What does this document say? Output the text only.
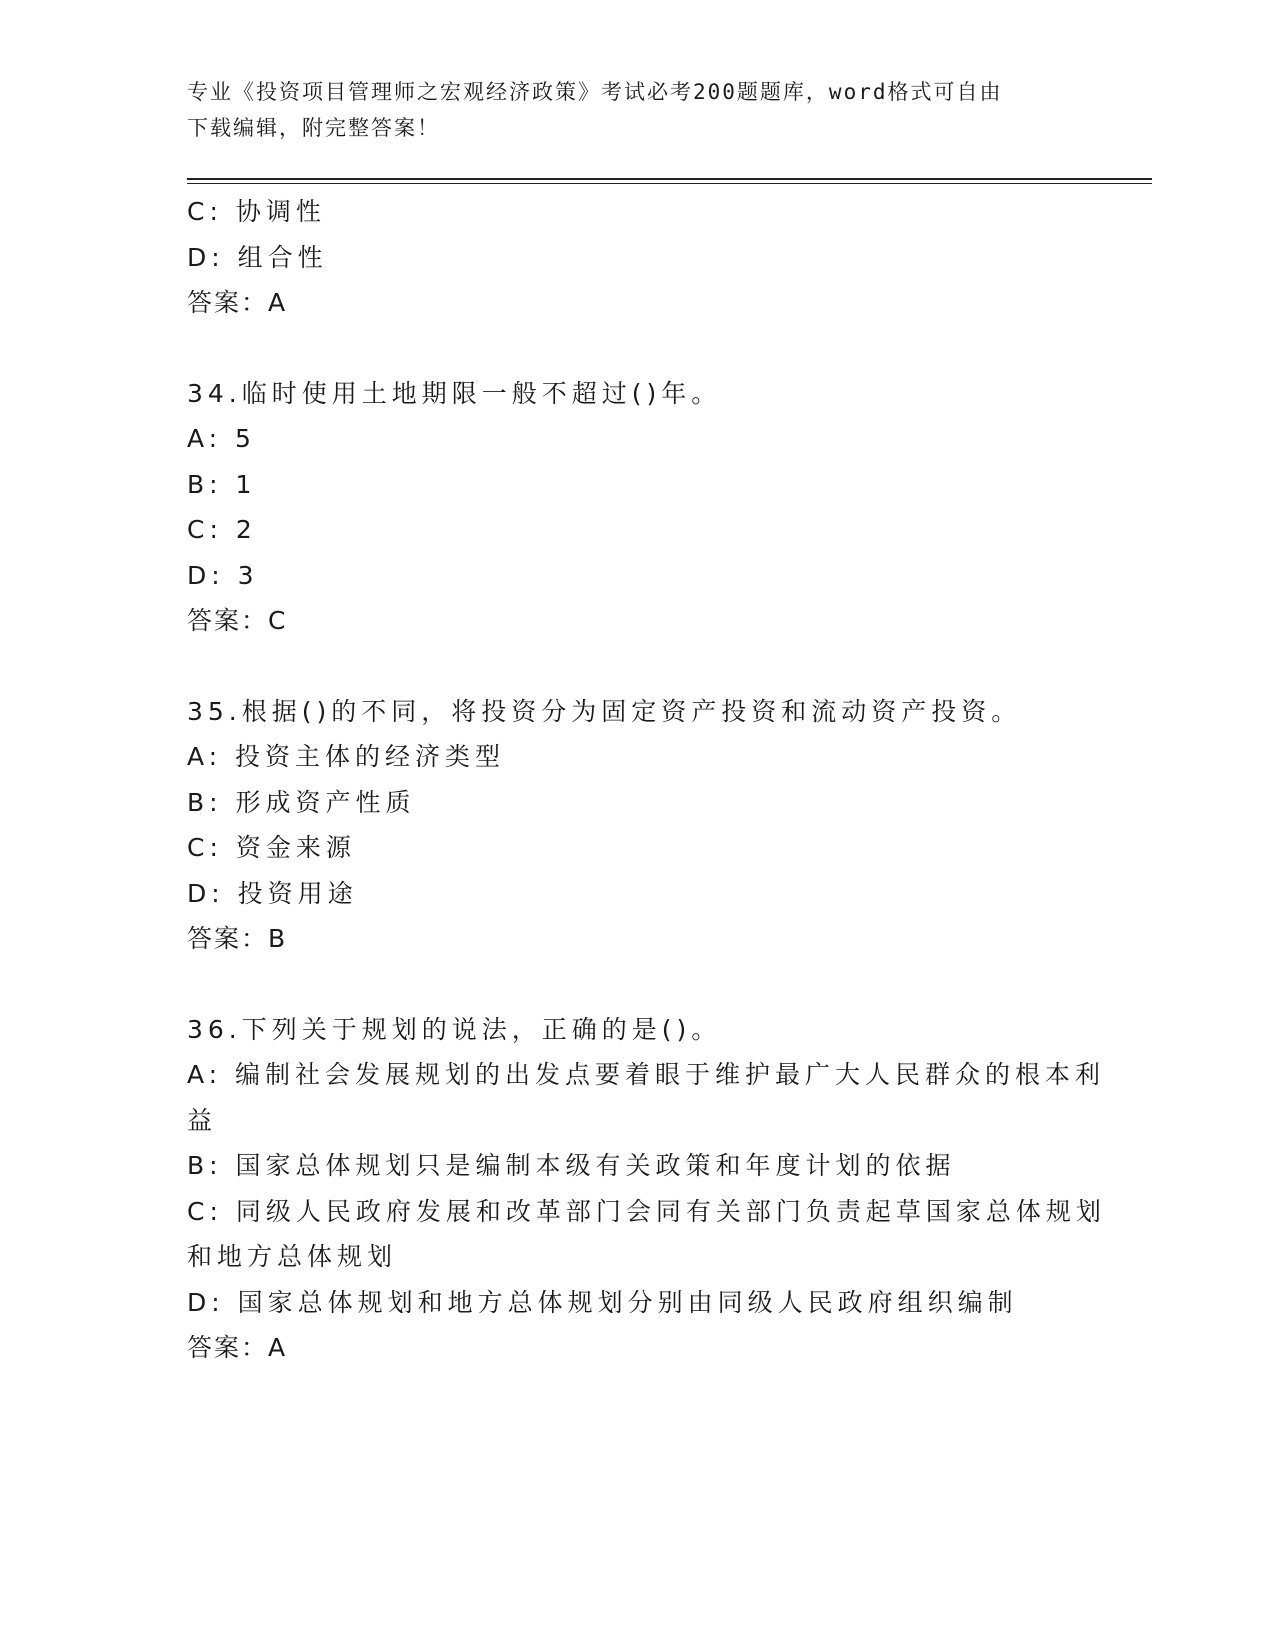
专业《投资项目管理师之宏观经济政策》考试必考200题题库，word格式可自由
下载编辑，附完整答案！
C: 协调性
D: 组合性
答案：A
34.临时使用土地期限一般不超过()年。
A: 5
B: 1
C: 2
D: 3
答案：C
35.根据()的不同，将投资分为固定资产投资和流动资产投资。
A: 投资主体的经济类型
B: 形成资产性质
C: 资金来源
D: 投资用途
答案：B
36.下列关于规划的说法，正确的是()。
A: 编制社会发展规划的出发点要着眼于维护最广大人民群众的根本利
益
B: 国家总体规划只是编制本级有关政策和年度计划的依据
C: 同级人民政府发展和改革部门会同有关部门负责起草国家总体规划
和地方总体规划
D: 国家总体规划和地方总体规划分别由同级人民政府组织编制
答案：A
